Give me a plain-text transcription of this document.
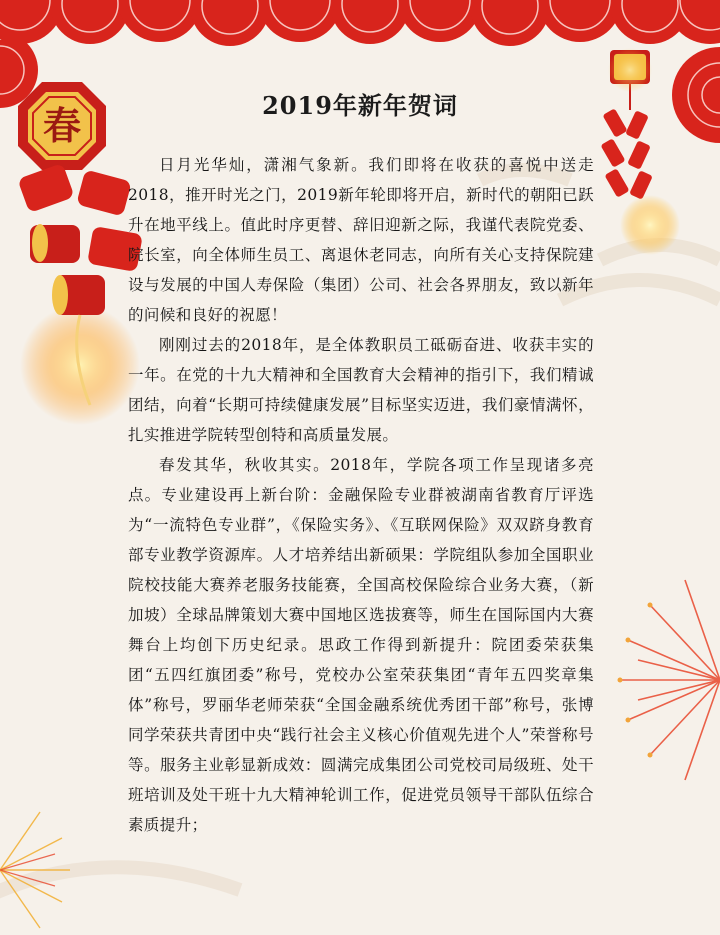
春	2019年新年贺词

日月光华灿，潇湘气象新。我们即将在收获的喜悦中送走2018，推开时光之门，2019新年轮即将开启，新时代的朝阳已跃升在地平线上。值此时序更替、辞旧迎新之际，我谨代表院党委、院长室，向全体师生员工、离退休老同志，向所有关心支持保院建设与发展的中国人寿保险（集团）公司、社会各界朋友，致以新年的问候和良好的祝愿！

刚刚过去的2018年，是全体教职员工砥砺奋进、收获丰实的一年。在党的十九大精神和全国教育大会精神的指引下，我们精诚团结，向着“长期可持续健康发展”目标坚实迈进，我们豪情满怀，扎实推进学院转型创特和高质量发展。

春发其华，秋收其实。2018年，学院各项工作呈现诸多亮点。专业建设再上新台阶：金融保险专业群被湖南省教育厅评选为“一流特色专业群”，《保险实务》、《互联网保险》双双跻身教育部专业教学资源库。人才培养结出新硕果：学院组队参加全国职业院校技能大赛养老服务技能赛，全国高校保险综合业务大赛，（新加坡）全球品牌策划大赛中国地区选拔赛等，师生在国际国内大赛舞台上均创下历史纪录。思政工作得到新提升：院团委荣获集团“五四红旗团委”称号，党校办公室荣获集团“青年五四奖章集体”称号，罗丽华老师荣获“全国金融系统优秀团干部”称号，张博同学荣获共青团中央“践行社会主义核心价值观先进个人”荣誉称号等。服务主业彰显新成效：圆满完成集团公司党校司局级班、处干班培训及处干班十九大精神轮训工作，促进党员领导干部队伍综合素质提升；
